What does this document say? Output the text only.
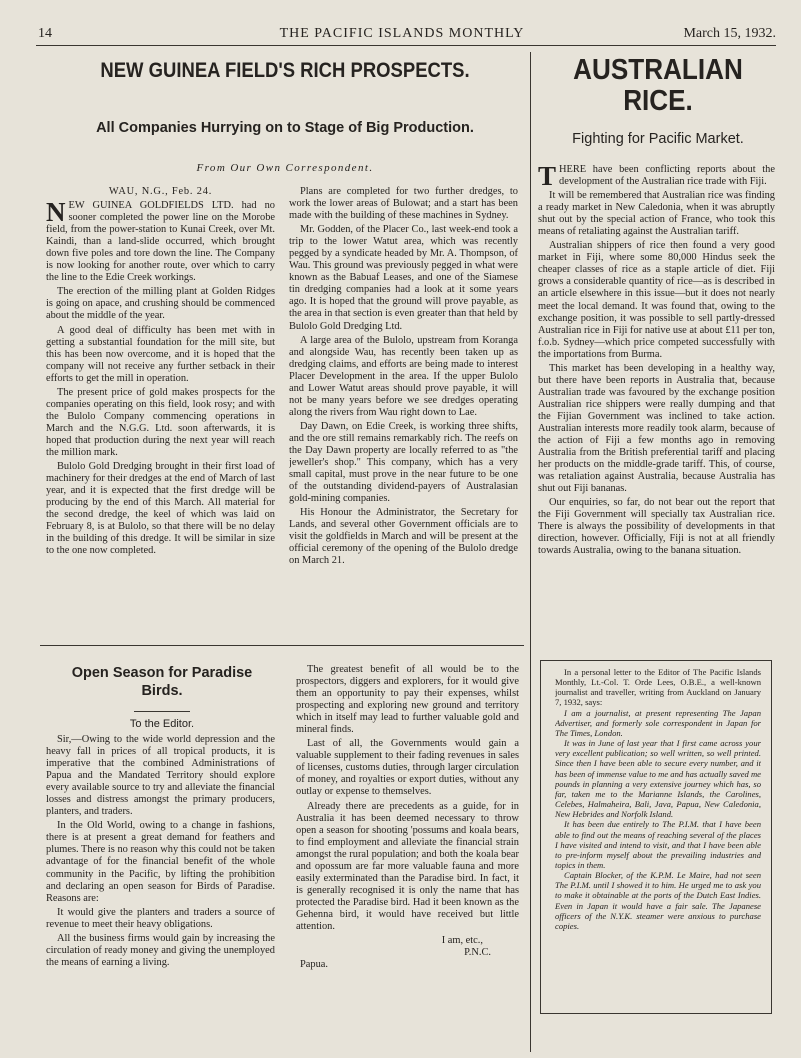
14	THE PACIFIC ISLANDS MONTHLY	March 15, 1932.
NEW GUINEA FIELD'S RICH PROSPECTS.
All Companies Hurrying on to Stage of Big Production.
From Our Own Correspondent.
WAU, N.G., Feb. 24.

NEW GUINEA GOLDFIELDS LTD. had no sooner completed the power line on the Morobe field, from the power-station to Kunai Creek, over Mt. Kaindi, than a land-slide occurred, which brought down five poles and tore down the line. The Company is now looking for another route, over which to carry the line to the Edie Creek workings.

The erection of the milling plant at Golden Ridges is going on apace, and crushing should be commenced about the middle of the year.

A good deal of difficulty has been met with in getting a substantial foundation for the mill site, but this has been now overcome, and it is hoped that the company will not receive any further setback in their efforts to get the mill in operation.

The present price of gold makes prospects for the companies operating on this field, look rosy; and with the Bulolo Company commencing operations in March and the N.G.G. Ltd. soon afterwards, it is hoped that production during the next year will reach the million mark.

Bulolo Gold Dredging brought in their first load of machinery for their dredges at the end of March of last year, and it is expected that the first dredge will be producing by the end of this March. All material for the second dredge, the keel of which was laid on February 8, is at Bulolo, so that there will be no delay in the building of this dredge. It will be similar in size to the one now completed.

Plans are completed for two further dredges, to work the lower areas of Bulowat; and a start has been made with the building of these machines in Sydney.

Mr. Godden, of the Placer Co., last week-end took a trip to the lower Watut area, which was recently pegged by a syndicate headed by Mr. A. Thompson, of Wau. This ground was previously pegged in what were known as the Babuaf Leases, and one of the Siamese tin dredging companies had a look at it some years ago. It is hoped that the ground will prove payable, as the area in that section is even greater than that held by Bulolo Gold Dredging Ltd.

A large area of the Bulolo, upstream from Koranga and alongside Wau, has recently been taken up as dredging claims, and efforts are being made to interest Placer Development in the area. If the upper Bulolo and Lower Watut areas should prove payable, it will not be many years before we see dredges operating along the rivers from Wau right down to Lae.

Day Dawn, on Edie Creek, is working three shifts, and the ore still remains remarkably rich. The reefs on the Day Dawn property are locally referred to as "the jeweller's shop." This company, which has a very small capital, must prove in the near future to be one of the outstanding dividend-payers of Australasian gold-mining companies.

His Honour the Administrator, the Secretary for Lands, and several other Government officials are to visit the goldfields in March and will be present at the official ceremony of the opening of the Bulolo dredge on March 21.

AUSTRALIAN
RICE.
Fighting for Pacific Market.

THERE have been conflicting reports about the development of the Australian rice trade with Fiji.

It will be remembered that Australian rice was finding a ready market in New Caledonia, when it was abruptly shut out by the special action of France, who took this means of retaliating against the Australian tariff.

Australian shippers of rice then found a very good market in Fiji, where some 80,000 Hindus seek the cheaper classes of rice as a staple article of diet. Fiji grows a considerable quantity of rice—as is described in an article elsewhere in this issue—but it does not nearly meet the local demand. It was found that, owing to the exchange position, it was possible to sell partly-dressed Australian rice in Fiji for native use at about £11 per ton, f.o.b. Sydney—which price competed successfully with the importations from Burma.

This market has been developing in a healthy way, but there have been reports in Australia that, because Australian trade was favoured by the exchange position Australian rice shippers were really dumping and that the Fijian Government was inclined to take action. Australian interests more readily took alarm, because of the action of Fiji a few months ago in removing Australia from the British preferential tariff and placing her products on the middle-grade tariff. This, of course, was retaliation against Australia, because Australia has shut out Fiji bananas.

Our enquiries, so far, do not bear out the report that the Fiji Government will specially tax Australian rice. There is always the possibility of developments in that direction, however. Officially, Fiji is not at all friendly towards Australia, owing to the banana situation.

Open Season for Paradise
Birds.
To the Editor.

Sir,—Owing to the wide world depression and the heavy fall in prices of all tropical products, it is imperative that the combined Administrations of Papua and the Mandated Territory should explore every available source to try and alleviate the financial losses and distress amongst the primary producers, planters, and traders.

In the Old World, owing to a change in fashions, there is at present a great demand for feathers and plumes. There is no reason why this could not be taken advantage of for the financial benefit of the whole community in the Pacific, by lifting the prohibition and declaring an open season for Birds of Paradise. Reasons are:

It would give the planters and traders a source of revenue to meet their heavy obligations.

All the business firms would gain by increasing the circulation of ready money and giving the unemployed the means of earning a living.

The greatest benefit of all would be to the prospectors, diggers and explorers, for it would give them an opportunity to pay their expenses, whilst prospecting and exploring new ground and territory which in itself may lead to further valuable gold and mineral finds.

Last of all, the Governments would gain a valuable supplement to their fading revenues in sales of licenses, customs duties, through larger circulation of money, and royalties or export duties, without any outlay or expense to themselves.

Already there are precedents as a guide, for in Australia it has been deemed necessary to throw open a season for shooting 'possums and koala bears, to find employment and alleviate the financial strain amongst the rural population; and both the koala bear and opossum are far more valuable fauna and more easily exterminated than the Paradise bird. In fact, it is generally recognised it is only the name that has protected the Paradise bird. Had it been known as the Gehenna bird, it would have received but little attention.

I am, etc.,
P.N.C.
Papua.

In a personal letter to the Editor of The Pacific Islands Monthly, Lt.-Col. T. Orde Lees, O.B.E., a well-known journalist and traveller, writing from Auckland on January 7, 1932, says:

I am a journalist, at present representing The Japan Advertiser, and formerly sole correspondent in Japan for The Times, London.

It was in June of last year that I first came across your very excellent publication; so well written, so well printed. Since then I have been able to secure every number, and it has been of immense value to me and has actually saved me pounds in planning a very extensive journey which has, so far, taken me to the Marianne Islands, the Carolines, Celebes, Halmaheira, Bali, Java, Papua, New Caledonia, New Hebrides and Norfolk Island.

It has been due entirely to The P.I.M. that I have been able to find out the means of reaching several of the places I have visited and intend to visit, and that I have been able to pre-inform myself about the prevailing industries and topics in them.

Captain Blocker, of the K.P.M. Le Maire, had not seen The P.I.M. until I showed it to him. He urged me to ask you to make it obtainable at the ports of the Dutch East Indies. Even in Japan it would have a fair sale. The Japanese officers of the N.Y.K. steamer were anxious to purchase copies.
